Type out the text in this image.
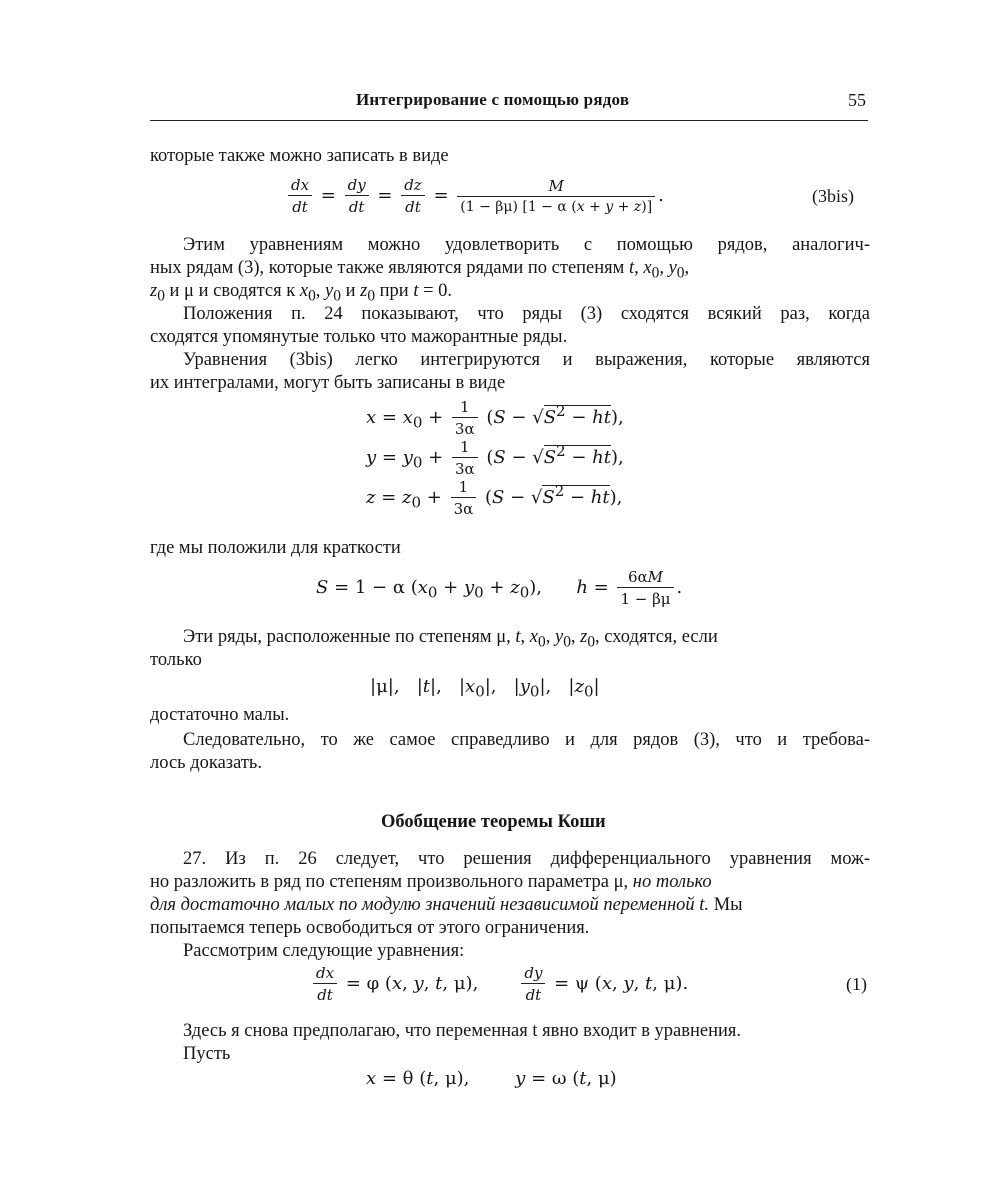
Интегрирование с помощью рядов	55
которые также можно записать в виде
$\frac{dx}{dt} = \frac{dy}{dt} = \frac{dz}{dt} = \frac{M}{(1 - \beta\mu) [1 - \alpha (x + y + z)]}$ .	(3bis)
Этим уравнениям можно удовлетворить с помощью рядов, аналогич-
ных рядам (3), которые также являются рядами по степеням t, $x_0$, $y_0$,
$z_0$ и μ и сводятся к $x_0$, $y_0$ и $z_0$ при t = 0.
Положения п. 24 показывают, что ряды (3) сходятся всякий раз, когда
сходятся упомянутые только что мажорантные ряды.
Уравнения (3bis) легко интегрируются и выражения, которые являются
их интегралами, могут быть записаны в виде
$x = x_0 + \frac{1}{3\alpha} (S - √S^2 - ht)$,
$y = y_0 + \frac{1}{3\alpha} (S - √S^2 - ht)$,
$z = z_0 + \frac{1}{3\alpha} (S - √S^2 - ht)$,
где мы положили для краткости
S = 1 − α $(x_0 + y_0 + z_0)$,      $h = \frac{6\alpha M}{1 - \beta\mu}$ .
Эти ряды, расположенные по степеням μ, t, $x_0$, $y_0$, $z_0$, сходятся, если
только
|μ|,   |t|,   $|x_0|$,   $|y_0|$,   $|z_0|$
достаточно малы.
Следовательно, то же самое справедливо и для рядов (3), что и требова-
лось доказать.
Обобщение теоремы Коши
27. Из п. 26 следует, что решения дифференциального уравнения мож-
но разложить в ряд по степеням произвольного параметра μ, но только
для достаточно малых по модулю значений независимой переменной t. Мы
попытаемся теперь освободиться от этого ограничения.
Рассмотрим следующие уравнения:
$\frac{dx}{dt} = \varphi$ (x, y, t, μ), $\frac{dy}{dt} = \psi$ (x, y, t, μ).	(1)
Здесь я снова предполагаю, что переменная t явно входит в уравнения.
Пусть
x = θ (t, μ),        y = ω (t, μ)
